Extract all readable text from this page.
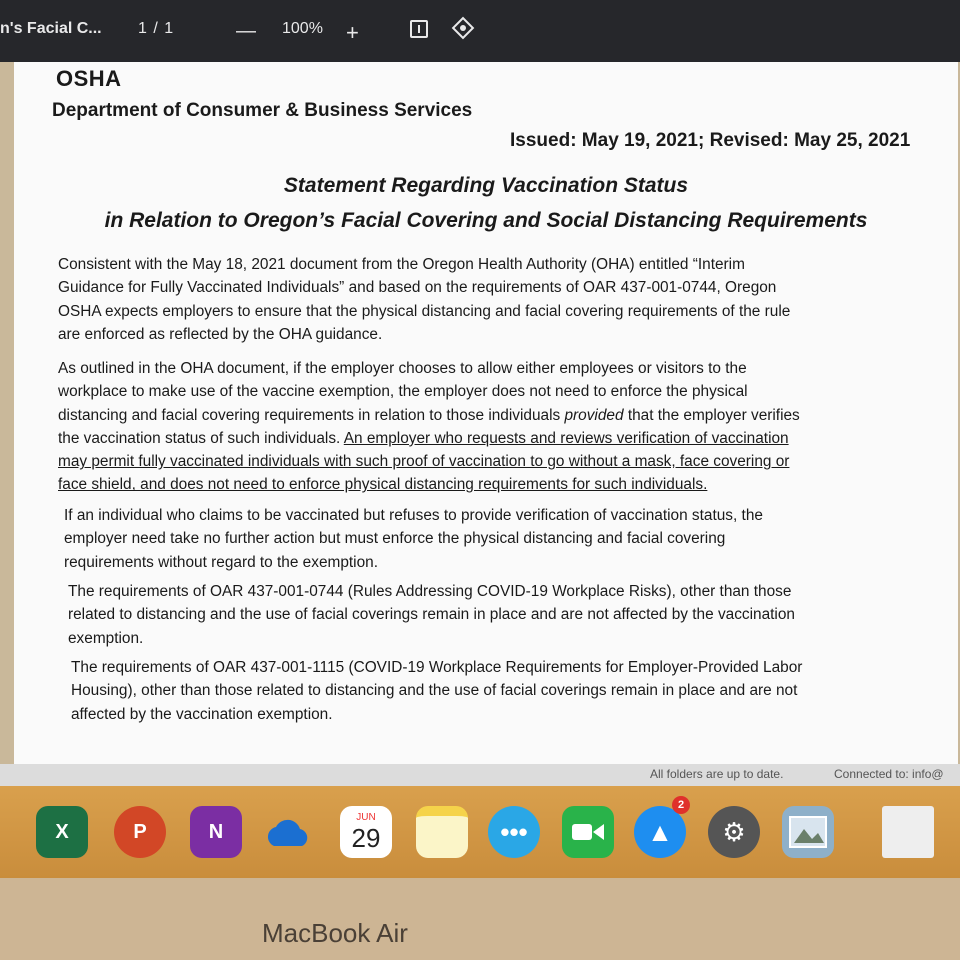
n's Facial C... 1 / 1	— 100% +
OSHA
Department of Consumer & Business Services
Issued: May 19, 2021; Revised: May 25, 2021
Statement Regarding Vaccination Status
in Relation to Oregon’s Facial Covering and Social Distancing Requirements

Consistent with the May 18, 2021 document from the Oregon Health Authority (OHA) entitled “Interim
Guidance for Fully Vaccinated Individuals” and based on the requirements of OAR 437-001-0744, Oregon
OSHA expects employers to ensure that the physical distancing and facial covering requirements of the rule
are enforced as reflected by the OHA guidance.

As outlined in the OHA document, if the employer chooses to allow either employees or visitors to the
workplace to make use of the vaccine exemption, the employer does not need to enforce the physical
distancing and facial covering requirements in relation to those individuals provided that the employer verifies
the vaccination status of such individuals. An employer who requests and reviews verification of vaccination
may permit fully vaccinated individuals with such proof of vaccination to go without a mask, face covering or
face shield, and does not need to enforce physical distancing requirements for such individuals.

If an individual who claims to be vaccinated but refuses to provide verification of vaccination status, the
employer need take no further action but must enforce the physical distancing and facial covering
requirements without regard to the exemption.

The requirements of OAR 437-001-0744 (Rules Addressing COVID-19 Workplace Risks), other than those
related to distancing and the use of facial coverings remain in place and are not affected by the vaccination
exemption.

The requirements of OAR 437-001-1115 (COVID-19 Workplace Requirements for Employer-Provided Labor
Housing), other than those related to distancing and the use of facial coverings remain in place and are not
affected by the vaccination exemption.

All folders are up to date.	Connected to: info@
X	P	N
JUN
29	•••	▲
2
⚙
MacBook Air
